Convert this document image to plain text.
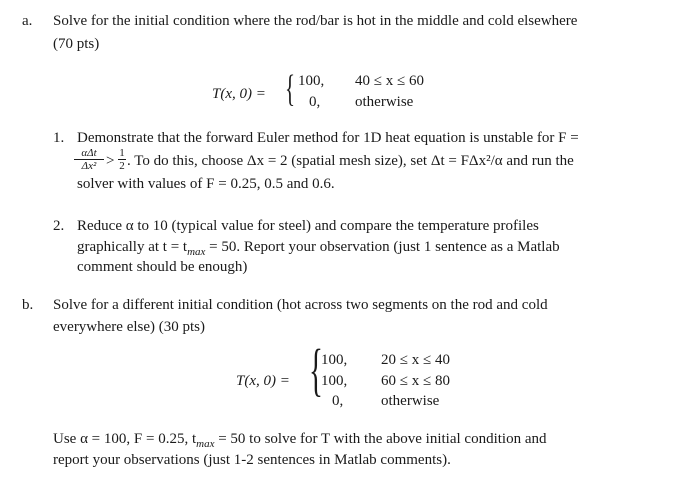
a. Solve for the initial condition where the rod/bar is hot in the middle and cold elsewhere
(70 pts)
T(x, 0) = { 100, 40 ≤ x ≤ 60
0, otherwise
1. Demonstrate that the forward Euler method for 1D heat equation is unstable for F =
αΔt
$\Delta x^2 > \frac{1}{2}$ . To do this, choose Δx = 2 (spatial mesh size), set Δt = FΔx²/α and run the
solver with values of F = 0.25, 0.5 and 0.6.
2. Reduce α to 10 (typical value for steel) and compare the temperature profiles
graphically at $t = t_{max} = 50$. Report your observation (just 1 sentence as a Matlab
comment should be enough)
b. Solve for a different initial condition (hot across two segments on the rod and cold
everywhere else) (30 pts)
T(x, 0) = {
100, 20 ≤ x ≤ 40
100, 60 ≤ x ≤ 80
0,	otherwise
Use α = 100, F = 0.25, $t_{max} = 50$ to solve for T with the above initial condition and
report your observations (just 1-2 sentences in Matlab comments).
